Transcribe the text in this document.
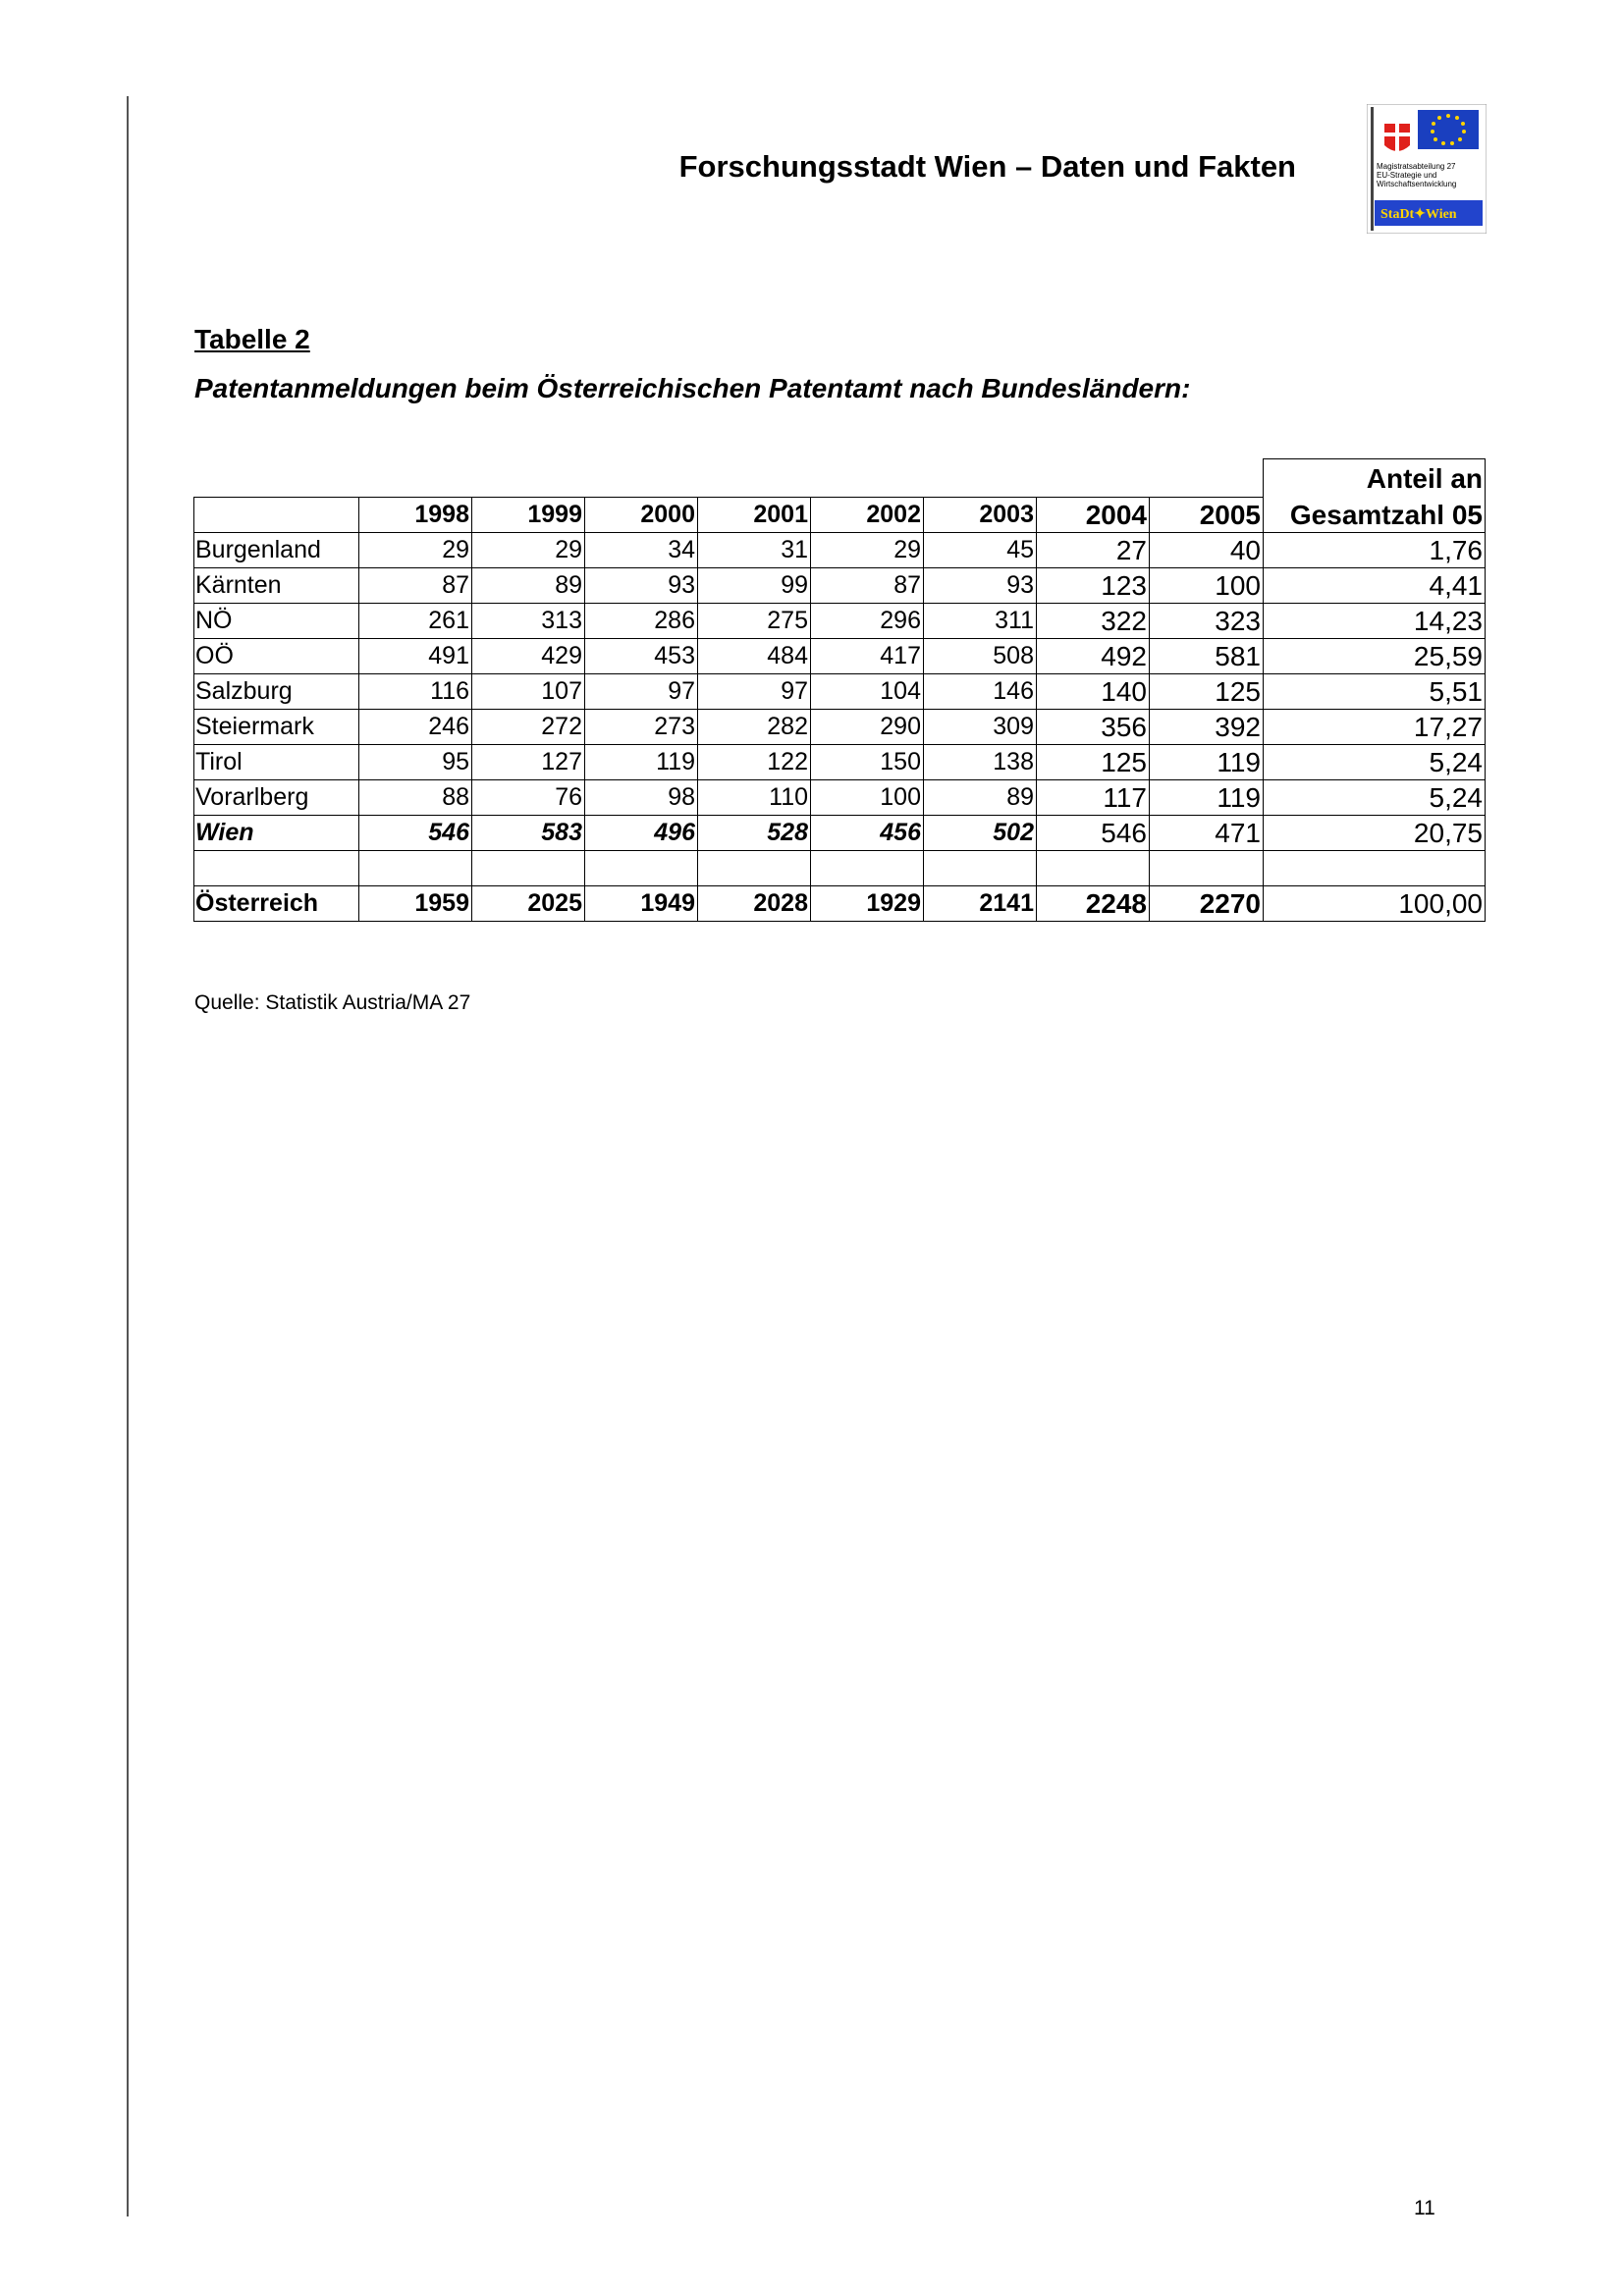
Forschungsstadt Wien – Daten und Fakten	Magistratsabteilung 27
EU-Strategie und
Wirtschaftsentwicklung
StaDt✦Wien
Tabelle 2
Patentanmeldungen beim Österreichischen Patentamt nach Bundesländern:
									Anteil an
	1998	1999	2000	2001	2002	2003	2004	2005	Gesamtzahl 05
Burgenland	29	29	34	31	29	45	27	40	1,76
Kärnten	87	89	93	99	87	93	123	100	4,41
NÖ	261	313	286	275	296	311	322	323	14,23
OÖ	491	429	453	484	417	508	492	581	25,59
Salzburg	116	107	97	97	104	146	140	125	5,51
Steiermark	246	272	273	282	290	309	356	392	17,27
Tirol	95	127	119	122	150	138	125	119	5,24
Vorarlberg	88	76	98	110	100	89	117	119	5,24
Wien	546	583	496	528	456	502	546	471	20,75

Österreich	1959	2025	1949	2028	1929	2141	2248	2270	100,00
Quelle: Statistik Austria/MA 27
11
